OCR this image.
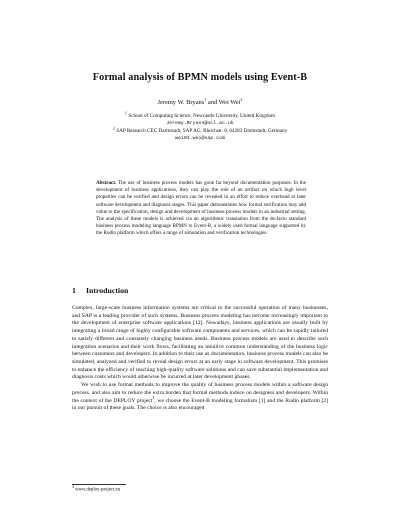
Formal analysis of BPMN models using Event-B
Jeremy W. Bryans$^1$ and Wei Wei$^2$
$^1$ School of Computing Science, Newcastle University, United Kingdom
Jeremy.Bryans@ncl.ac.uk
$^2$ SAP Research CEC Darmstadt, SAP AG, Bleichstr. 8, 64283 Darmstadt, Germany
wei01.wei@sap.com
Abstract. The use of business process models has gone far beyond documentation purposes. In the development of business applications, they can play the role of an artifact on which high level properties can be verified and design errors can be revealed in an effort to reduce overhead at later software development and diagnosis stages. This paper demonstrates how formal verification may add value to the specification, design and development of business process models in an industrial setting. The analysis of these models is achieved via an algorithmic translation from the de-facto standard business process modeling language BPMN to Event-B, a widely used formal language supported by the Rodin platform which offers a range of simulation and verification technologies.
1 Introduction

Complex, large-scale business information systems are critical to the successful operation of many businesses, and SAP is a leading provider of such systems. Business process modeling has become increasingly important to the development of enterprise software applications [12]. Nowadays, business applications are usually built by integrating a broad range of highly configurable software components and services, which can be rapidly tailored to satisfy different and constantly changing business needs. Business process models are used to describe such integration scenarios and their work flows, facilitating an intuitive common understanding of the business logic between customers and developers. In addition to their use as documentation, business process models can also be simulated, analyzed and verified to reveal design errors at an early stage in software development. This promises to enhance the efficiency of reaching high-quality software solutions and can save substantial implementation and diagnosis costs which would otherwise be incurred at later development phases.

We wish to use formal methods to improve the quality of business process models within a software design process, and also aim to reduce the extra burden that formal methods induce on designers and developers. Within the context of the DEPLOY project$^3$, we choose the Event-B modeling formalism [1] and the Rodin platform [2] in our pursuit of these goals. The choice is also encouraged

$^3$ www.deploy-project.eu
